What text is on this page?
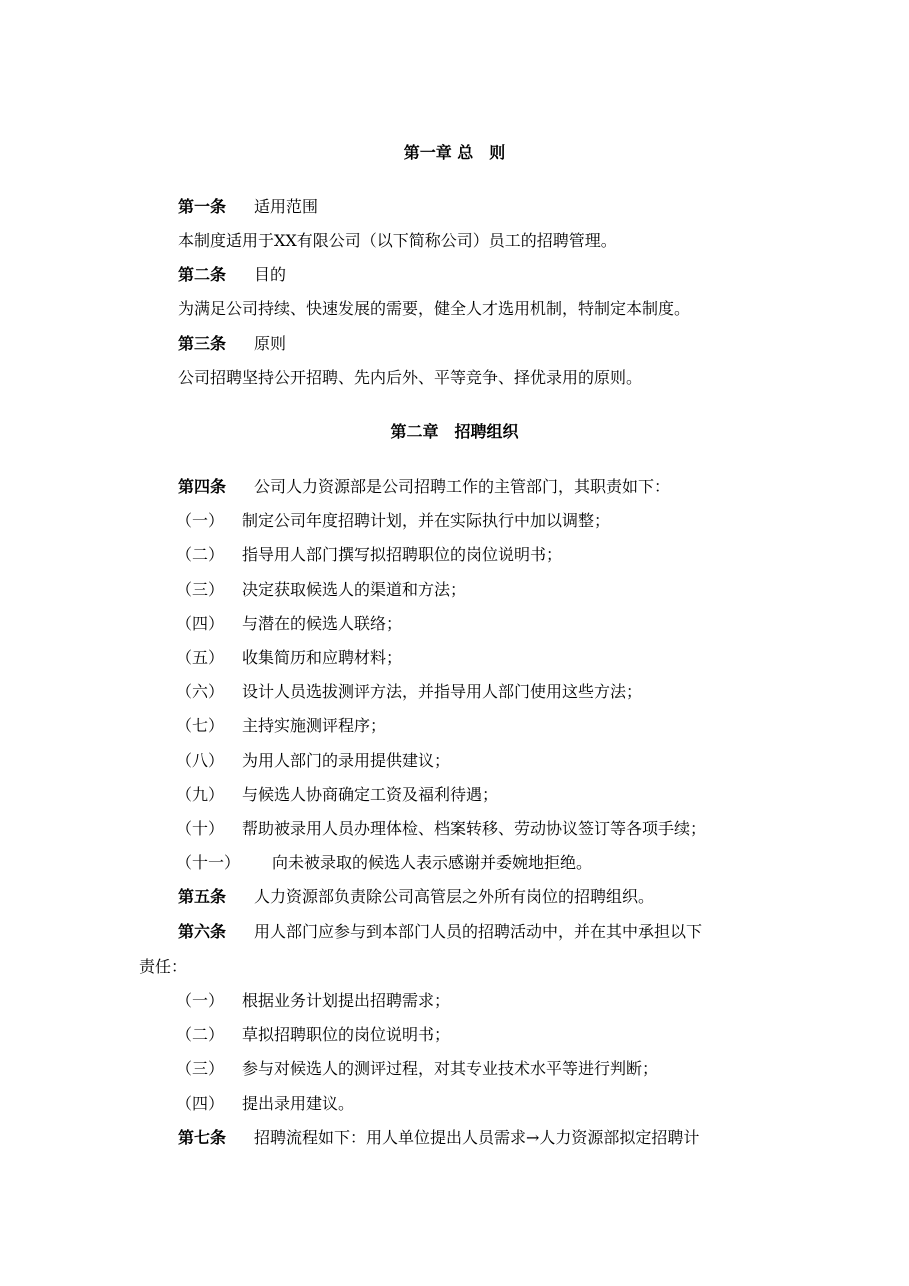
第一章 总　则
第一条 适用范围
本制度适用于XX有限公司（以下简称公司）员工的招聘管理。
第二条 目的
为满足公司持续、快速发展的需要，健全人才选用机制，特制定本制度。
第三条 原则
公司招聘坚持公开招聘、先内后外、平等竞争、择优录用的原则。
第二章　招聘组织
第四条 公司人力资源部是公司招聘工作的主管部门，其职责如下：
（一） 制定公司年度招聘计划，并在实际执行中加以调整；
（二） 指导用人部门撰写拟招聘职位的岗位说明书；
（三） 决定获取候选人的渠道和方法；
（四） 与潜在的候选人联络；
（五） 收集简历和应聘材料；
（六） 设计人员选拔测评方法，并指导用人部门使用这些方法；
（七） 主持实施测评程序；
（八） 为用人部门的录用提供建议；
（九） 与候选人协商确定工资及福利待遇；
（十） 帮助被录用人员办理体检、档案转移、劳动协议签订等各项手续；
（十一） 向未被录取的候选人表示感谢并委婉地拒绝。
第五条 人力资源部负责除公司高管层之外所有岗位的招聘组织。
第六条 用人部门应参与到本部门人员的招聘活动中，并在其中承担以下
责任：
（一） 根据业务计划提出招聘需求；
（二） 草拟招聘职位的岗位说明书；
（三） 参与对候选人的测评过程，对其专业技术水平等进行判断；
（四） 提出录用建议。
第七条 招聘流程如下：用人单位提出人员需求→人力资源部拟定招聘计
